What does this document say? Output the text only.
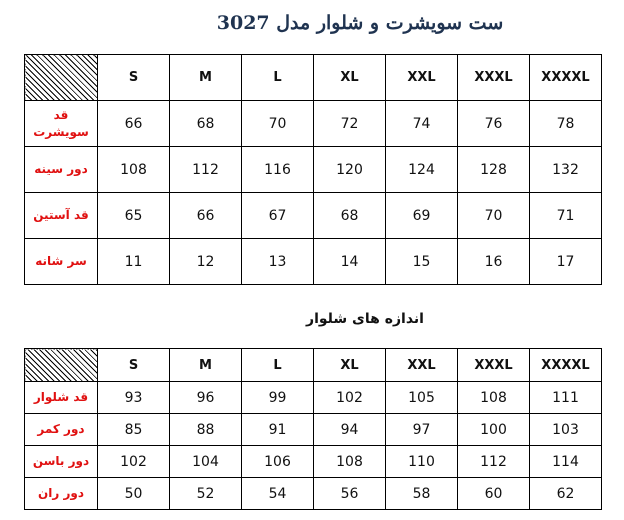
ست سویشرت و شلوار مدل 3027
	S	M	L	XL	XXL	XXXL	XXXXL
قد سویشرت	66	68	70	72	74	76	78
دور سینه	108	112	116	120	124	128	132
قد آستین	65	66	67	68	69	70	71
سر شانه	11	12	13	14	15	16	17
اندازه های شلوار
	S	M	L	XL	XXL	XXXL	XXXXL
قد شلوار	93	96	99	102	105	108	111
دور کمر	85	88	91	94	97	100	103
دور باسن	102	104	106	108	110	112	114
دور ران	50	52	54	56	58	60	62
